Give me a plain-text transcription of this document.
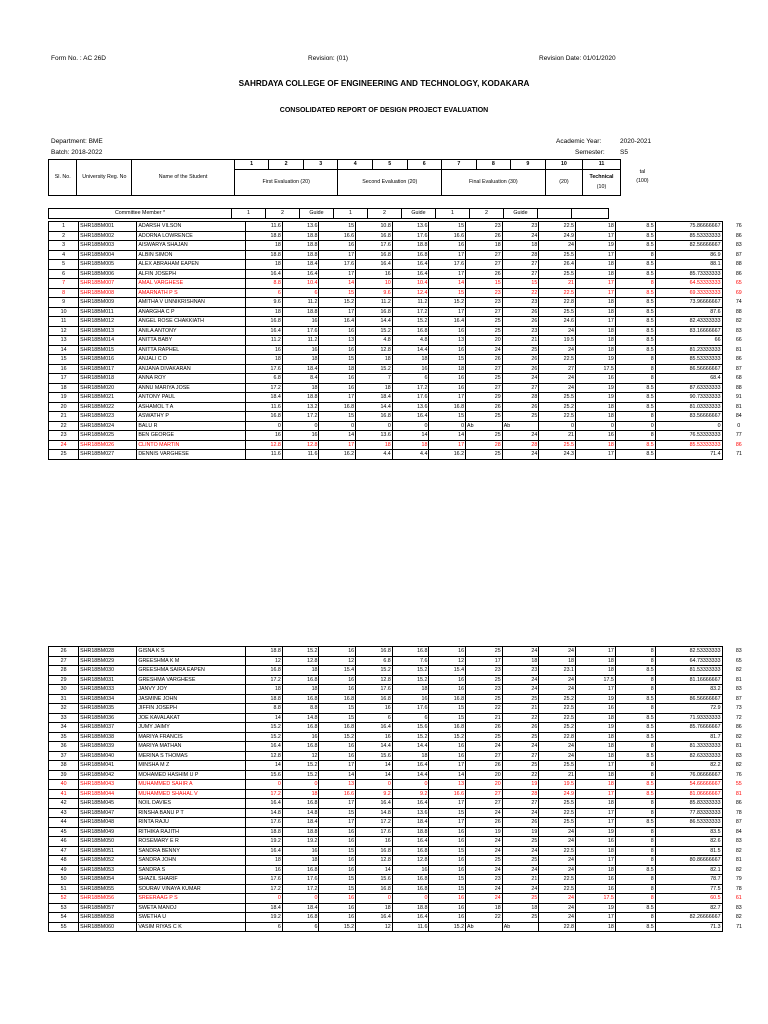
Form No. : AC 26D	Revision: (01)	Revision Date: 01/01/2020
SAHRDAYA COLLEGE OF ENGINEERING AND TECHNOLOGY, KODAKARA
CONSOLIDATED REPORT OF DESIGN PROJECT EVALUATION
Department: BME
Batch: 2018-2022
Academic Year:	2020-2021
Semester: S5
Sl. No.	University Reg. No	Name of the Student	1	2	3	4	5	6	7	8	9	10	11	tal
(100)

			First Evaluation (20)			Second Evaluation (20)			Final Evaluation (30)			(20)	Technical
(10)	

Committee Member *	1	2	Guide	1	2	Guide	1	2	Guide				
1	SHR18BM001	ADARSH VILSON	11.6	13.6	15	10.8	13.6	15	23	23	22.5	18	8.5	75.86666667	76
2	SHR18BM002	ADORNA LOWRENCE	18.8	18.8	16.6	16.8	17.6	16.6	26	24	24.9	17	8.5	85.53333333	86
3	SHR18BM003	AISWARYA SHAJAN	18	18.8	16	17.6	18.8	16	18	18	24	19	8.5	82.56666667	83
4	SHR18BM004	ALBIN SIMON	18.8	18.8	17	16.8	16.8	17	27	28	25.5	17	8	86.9	87
5	SHR18BM005	ALEX ABRAHAM EAPEN	18	18.4	17.6	16.4	16.4	17.6	27	27	26.4	18	8.5	88.1	88
6	SHR18BM006	ALFIN JOSEPH	16.4	16.4	17	16	16.4	17	26	27	25.5	18	8.5	85.73333333	86
7	SHR18BM007	AMAL VARGHESE	8.8	10.4	14	10	10.4	14	15	15	21	17	8	64.53333333	65
8	SHR18BM008	AMARNATH P S	6	6	15	9.6	12.4	15	23	22	22.5	17	8.5	69.33333333	69
9	SHR18BM009	AMITHA V UNNIKRISHNAN	9.6	11.2	15.2	11.2	11.2	15.2	23	23	22.8	18	8.5	73.96666667	74
10	SHR18BM011	ANARGHA C P	18	18.8	17	16.8	17.2	17	27	26	25.5	18	8.5	87.6	88
11	SHR18BM012	ANGEL ROSE CHAKKIATH	16.8	16	16.4	14.4	15.2	16.4	25	26	24.6	17	8.5	82.43333333	82
12	SHR18BM013	ANILA ANTONY	16.4	17.6	16	15.2	16.8	16	25	23	24	18	8.5	83.16666667	83
13	SHR18BM014	ANITTA BABY	11.2	11.2	13	4.8	4.8	13	20	21	19.5	18	8.5	66	66
14	SHR18BM015	ANITTA RAPHEL	16	16	16	12.8	14.4	16	24	25	24	18	8.5	81.23333333	81
15	SHR18BM016	ANJALI C D	18	18	15	18	18	15	26	26	22.5	19	8	85.53333333	86
16	SHR18BM017	ANJANA DIVAKARAN	17.6	18.4	18	15.2	16	18	27	26	27	17.5	8	86.56666667	87
17	SHR18BM018	ANNA ROY	6.8	8.4	16	7	6	16	25	24	24	16	8	68.4	68
18	SHR18BM020	ANNU MARIYA JOSE	17.2	18	16	18	17.2	16	27	27	24	19	8.5	87.63333333	88
19	SHR18BM021	ANTONY PAUL	18.4	18.8	17	18.4	17.6	17	29	28	25.5	19	8.5	90.73333333	91
20	SHR18BM022	ASHAMOL T A	11.6	13.2	16.8	14.4	13.6	16.8	26	26	25.2	18	8.5	81.03333333	81
21	SHR18BM023	ASWATHY P	16.8	17.2	15	16.8	16.4	15	25	25	22.5	18	8	83.56666667	84
22	SHR18BM024	BALU R	0	0	0	0	0	0	Ab	Ab	0	0	0	0	0
23	SHR18BM025	BEN GEORGE	16	16	14	13.6	14	14	25	24	21	16	8	76.53333333	77
24	SHR18BM026	CLINTO MARTIN	12.8	12.8	17	18	18	17	28	28	25.5	18	8.5	85.53333333	86
25	SHR18BM027	DENNIS VARGHESE	11.6	11.6	16.2	4.4	4.4	16.2	25	24	24.3	17	8.5	71.4	71
26	SHR18BM028	GISNA K S	18.8	15.2	16	16.8	16.8	16	25	24	24	17	8	82.53333333	83
27	SHR18BM029	GREESHMA K M	12	12.8	12	6.8	7.6	12	17	18	18	18	8	64.73333333	65
28	SHR18BM030	GREESHMA SAIRA EAPEN	16.8	18	15.4	15.2	15.2	15.4	23	23	23.1	18	8.5	81.53333333	82
29	SHR18BM031	GRESHMA VARGHESE	17.2	16.8	16	12.8	15.2	16	25	24	24	17.5	8	81.16666667	81
30	SHR18BM033	JANVY JOY	18	18	16	17.6	18	16	23	24	24	17	8	83.2	83
31	SHR18BM034	JASMINE JOHN	18.8	16.8	16.8	16.8	16	16.8	25	25	25.2	19	8.5	86.56666667	87
32	SHR18BM035	JIFFIN JOSEPH	8.8	8.8	15	16	17.6	15	22	21	22.5	16	8	72.9	73
33	SHR18BM036	JOE KAVALAKAT	14	14.8	15	6	6	15	21	22	22.5	18	8.5	71.93333333	72
34	SHR18BM037	JUMY JAIMY	15.2	16.8	16.8	16.4	15.6	16.8	26	26	25.2	19	8.5	85.76666667	86
35	SHR18BM038	MARIYA FRANCIS	15.2	16	15.2	16	15.2	15.2	25	25	22.8	18	8.5	81.7	82
36	SHR18BM039	MARIYA MATHAN	16.4	16.8	16	14.4	14.4	16	24	24	24	18	8	81.33333333	81
37	SHR18BM040	MERINA S THOMAS	12.8	12	16	15.6	18	16	27	27	24	18	8.5	82.63333333	83
38	SHR18BM041	MINSHA M Z	14	15.2	17	14	16.4	17	26	25	25.5	17	8	82.2	82
39	SHR18BM042	MOHAMED HASHIM U P	15.6	15.2	14	14	14.4	14	20	22	21	18	8	76.06666667	76
40	SHR18BM043	MUHAMMED SAHIR A	0	0	13	0	0	13	20	19	19.5	18	8.5	54.66666667	55
41	SHR18BM044	MUHAMMED SHAHAL V	17.2	18	16.6	9.2	9.2	16.6	27	28	24.9	17	8.5	81.06666667	81
42	SHR18BM045	NOIL DAVIES	16.4	16.8	17	16.4	16.4	17	27	27	25.5	18	8	85.83333333	86
43	SHR18BM047	RINSHA BANU P T	14.8	14.8	15	14.8	13.6	15	24	24	22.5	17	8	77.83333333	78
44	SHR18BM048	RINTA RAJU	17.6	18.4	17	17.2	18.4	17	26	26	25.5	17	8.5	86.53333333	87
45	SHR18BM049	RITHIKA RAJITH	18.8	18.8	16	17.6	18.8	16	19	19	24	19	8	83.5	84
46	SHR18BM050	ROSEMARY E R	19.2	19.2	16	16	16.4	16	24	25	24	16	8	82.6	83
47	SHR18BM051	SANDRA BENNY	16.4	16	15	16.8	16.8	15	24	24	22.5	18	8	81.5	82
48	SHR18BM052	SANDRA JOHN	18	18	16	12.8	12.8	16	25	25	24	17	8	80.86666667	81
49	SHR18BM053	SANDRA S	16	16.8	16	14	16	16	24	24	24	18	8.5	82.1	82
50	SHR18BM054	SHAZIL SHARIF	17.6	17.6	15	15.6	16.8	15	23	21	22.5	16	8	78.7	79
51	SHR18BM055	SOURAV VINAYA KUMAR	17.2	17.2	15	16.8	16.8	15	24	24	22.5	16	8	77.5	78
52	SHR18BM056	SREERAAG P S	0	0	16	0	0	16	24	25	24	17.5	8	60.5	61
53	SHR18BM057	SWETA MANOJ	18.4	18.4	16	18	18.8	16	18	18	24	19	8.5	82.7	83
54	SHR18BM058	SWETHA U	19.2	16.8	16	16.4	16.4	16	22	25	24	17	8	82.26666667	82
55	SHR18BM060	VASIM RIYAS C K	6	6	15.2	12	11.6	15.2	Ab	Ab	22.8	18	8.5	71.3	71
